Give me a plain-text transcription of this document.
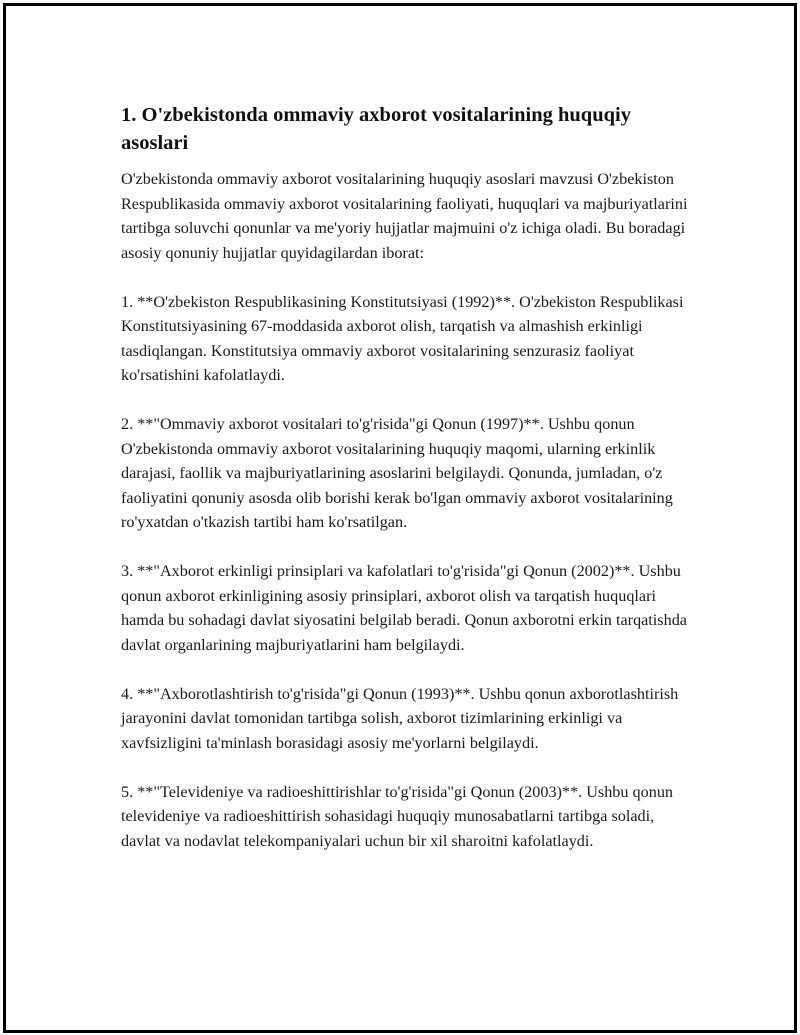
1. O'zbekistonda ommaviy axborot vositalarining huquqiy asoslari

O'zbekistonda ommaviy axborot vositalarining huquqiy asoslari mavzusi O'zbekiston Respublikasida ommaviy axborot vositalarining faoliyati, huquqlari va majburiyatlarini tartibga soluvchi qonunlar va me'yoriy hujjatlar majmuini o'z ichiga oladi. Bu boradagi asosiy qonuniy hujjatlar quyidagilardan iborat:

1. **O'zbekiston Respublikasining Konstitutsiyasi (1992)**. O'zbekiston Respublikasi Konstitutsiyasining 67-moddasida axborot olish, tarqatish va almashish erkinligi tasdiqlangan. Konstitutsiya ommaviy axborot vositalarining senzurasiz faoliyat ko'rsatishini kafolatlaydi.

2. **"Ommaviy axborot vositalari to'g'risida"gi Qonun (1997)**. Ushbu qonun O'zbekistonda ommaviy axborot vositalarining huquqiy maqomi, ularning erkinlik darajasi, faollik va majburiyatlarining asoslarini belgilaydi. Qonunda, jumladan, o'z faoliyatini qonuniy asosda olib borishi kerak bo'lgan ommaviy axborot vositalarining ro'yxatdan o'tkazish tartibi ham ko'rsatilgan.

3. **"Axborot erkinligi prinsiplari va kafolatlari to'g'risida"gi Qonun (2002)**. Ushbu qonun axborot erkinligining asosiy prinsiplari, axborot olish va tarqatish huquqlari hamda bu sohadagi davlat siyosatini belgilab beradi. Qonun axborotni erkin tarqatishda davlat organlarining majburiyatlarini ham belgilaydi.

4. **"Axborotlashtirish to'g'risida"gi Qonun (1993)**. Ushbu qonun axborotlashtirish jarayonini davlat tomonidan tartibga solish, axborot tizimlarining erkinligi va xavfsizligini ta'minlash borasidagi asosiy me'yorlarni belgilaydi.

5. **"Televideniye va radioeshittirishlar to'g'risida"gi Qonun (2003)**. Ushbu qonun televideniye va radioeshittirish sohasidagi huquqiy munosabatlarni tartibga soladi, davlat va nodavlat telekompaniyalari uchun bir xil sharoitni kafolatlaydi.
